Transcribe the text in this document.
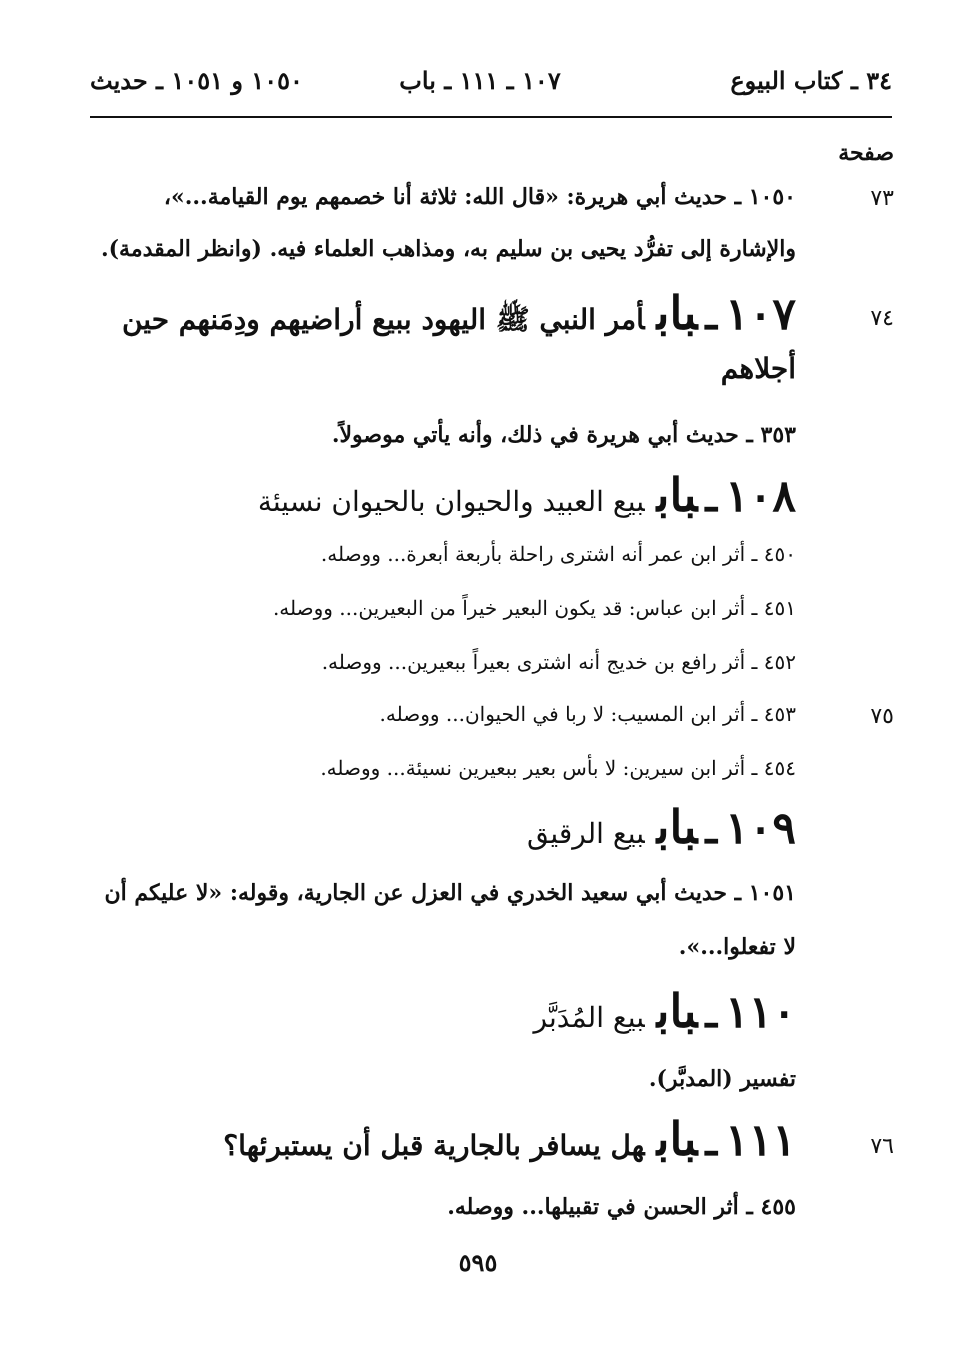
٣٤ ـ كتاب البيوع
١٠٧ ـ ١١١ ـ باب
١٠٥٠ و ١٠٥١ ـ حديث
صفحة
٧٣
١٠٥٠ ـ حديث أبي هريرة: «قال الله: ثلاثة أنا خصمهم يوم القيامة...»،
والإشارة إلى تفرُّد يحيى بن سليم به، ومذاهب العلماء فيه. (وانظر المقدمة).
٧٤
١٠٧ـبابأمر النبي ﷺ اليهود ببيع أراضيهم ودِمَنهم حين
أجلاهم
٣٥٣ ـ حديث أبي هريرة في ذلك، وأنه يأتي موصولاً.
١٠٨ـباببيع العبيد والحيوان بالحيوان نسيئة
٤٥٠ ـ أثر ابن عمر أنه اشترى راحلة بأربعة أبعرة... ووصله.
٤٥١ ـ أثر ابن عباس: قد يكون البعير خيراً من البعيرين... ووصله.
٤٥٢ ـ أثر رافع بن خديج أنه اشترى بعيراً ببعيرين... ووصله.
٧٥
٤٥٣ ـ أثر ابن المسيب: لا ربا في الحيوان... ووصله.
٤٥٤ ـ أثر ابن سيرين: لا بأس بعير ببعيرين نسيئة... ووصله.
١٠٩ـباببيع الرقيق
١٠٥١ ـ حديث أبي سعيد الخدري في العزل عن الجارية، وقوله: «لا عليكم أن
لا تفعلوا...».
١١٠ـباببيع المُدَبَّر
تفسير (المدبَّر).
٧٦
١١١ـبابهل يسافر بالجارية قبل أن يستبرئها؟
٤٥٥ ـ أثر الحسن في تقبيلها... ووصله.
٥٩٥
